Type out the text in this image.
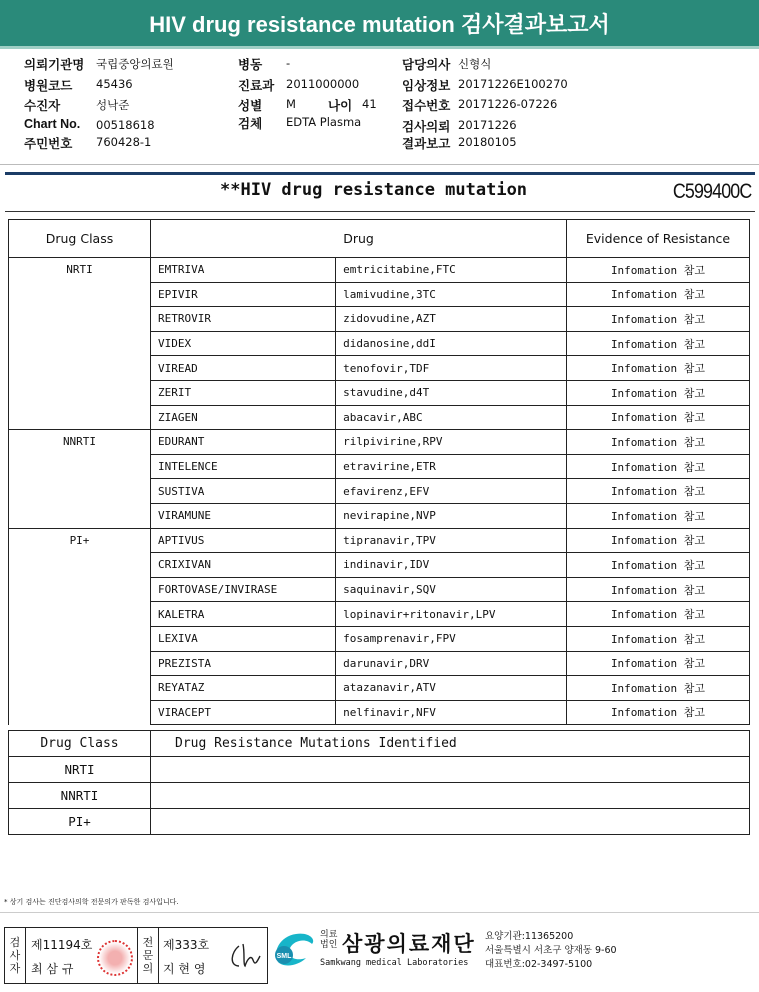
HIV drug resistance mutation 검사결과보고서
의뢰기관명 국립중앙의료원
병원코드 45436
수진자	성낙준
Chart No. 00518618
주민번호 760428-1
병동 -
진료과 2011000000
성별 M	나이 41
검체 EDTA Plasma
담당의사 신형식
임상정보 20171226E100270
접수번호 20171226-07226
검사의뢰 20171226
결과보고 20180105
**HIV drug resistance mutation	C599400C
Drug Class	Drug		Evidence of Resistance
NRTI	EMTRIVA	emtricitabine,FTC	Infomation 참고
	EPIVIR	lamivudine,3TC	Infomation 참고
	RETROVIR	zidovudine,AZT	Infomation 참고
	VIDEX	didanosine,ddI	Infomation 참고
	VIREAD	tenofovir,TDF	Infomation 참고
	ZERIT	stavudine,d4T	Infomation 참고
	ZIAGEN	abacavir,ABC	Infomation 참고
NNRTI	EDURANT	rilpivirine,RPV	Infomation 참고
	INTELENCE	etravirine,ETR	Infomation 참고
	SUSTIVA	efavirenz,EFV	Infomation 참고
	VIRAMUNE	nevirapine,NVP	Infomation 참고
PI+	APTIVUS	tipranavir,TPV	Infomation 참고
	CRIXIVAN	indinavir,IDV	Infomation 참고
	FORTOVASE/INVIRASE	saquinavir,SQV	Infomation 참고
	KALETRA	lopinavir+ritonavir,LPV	Infomation 참고
	LEXIVA	fosamprenavir,FPV	Infomation 참고
	PREZISTA	darunavir,DRV	Infomation 참고
	REYATAZ	atazanavir,ATV	Infomation 참고
	VIRACEPT	nelfinavir,NFV	Infomation 참고
Drug Class	Drug Resistance Mutations Identified
NRTI	
NNRTI	
PI+	
* 상기 검사는 진단검사의학 전문의가 판독한 검사입니다.
검
사
자
제11194호
최 삼 규
전
문
의
제333호
지 현 영
SML
의료법인 삼광의료재단
Samkwang medical Laboratories
요양기관:11365200
서울특별시 서초구 양재동 9-60
대표번호:02-3497-5100
